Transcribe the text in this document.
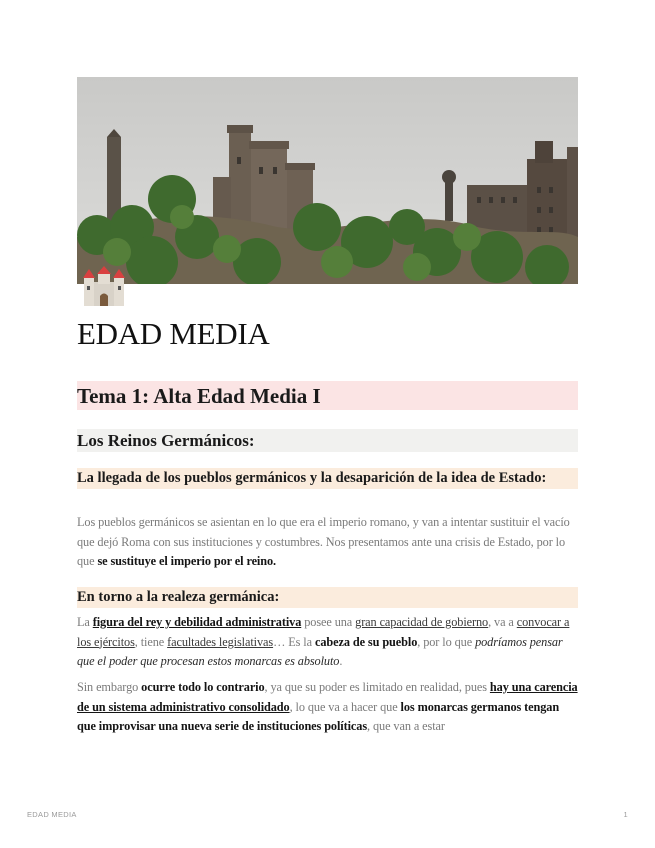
EDAD MEDIA
Tema 1: Alta Edad Media I
Los Reinos Germánicos:
La llegada de los pueblos germánicos y la desaparición de la idea de Estado:

Los pueblos germánicos se asientan en lo que era el imperio romano, y van a intentar sustituir el vacío que dejó Roma con sus instituciones y costumbres. Nos presentamos ante una crisis de Estado, por lo que se sustituye el imperio por el reino.

En torno a la realeza germánica:

La figura del rey y debilidad administrativa posee una gran capacidad de gobierno, va a convocar a los ejércitos, tiene facultades legislativas… Es la cabeza de su pueblo, por lo que podríamos pensar que el poder que procesan estos monarcas es absoluto.

Sin embargo ocurre todo lo contrario, ya que su poder es limitado en realidad, pues hay una carencia de un sistema administrativo consolidado, lo que va a hacer que los monarcas germanos tengan que improvisar una nueva serie de instituciones políticas, que van a estar

EDAD MEDIA	1
